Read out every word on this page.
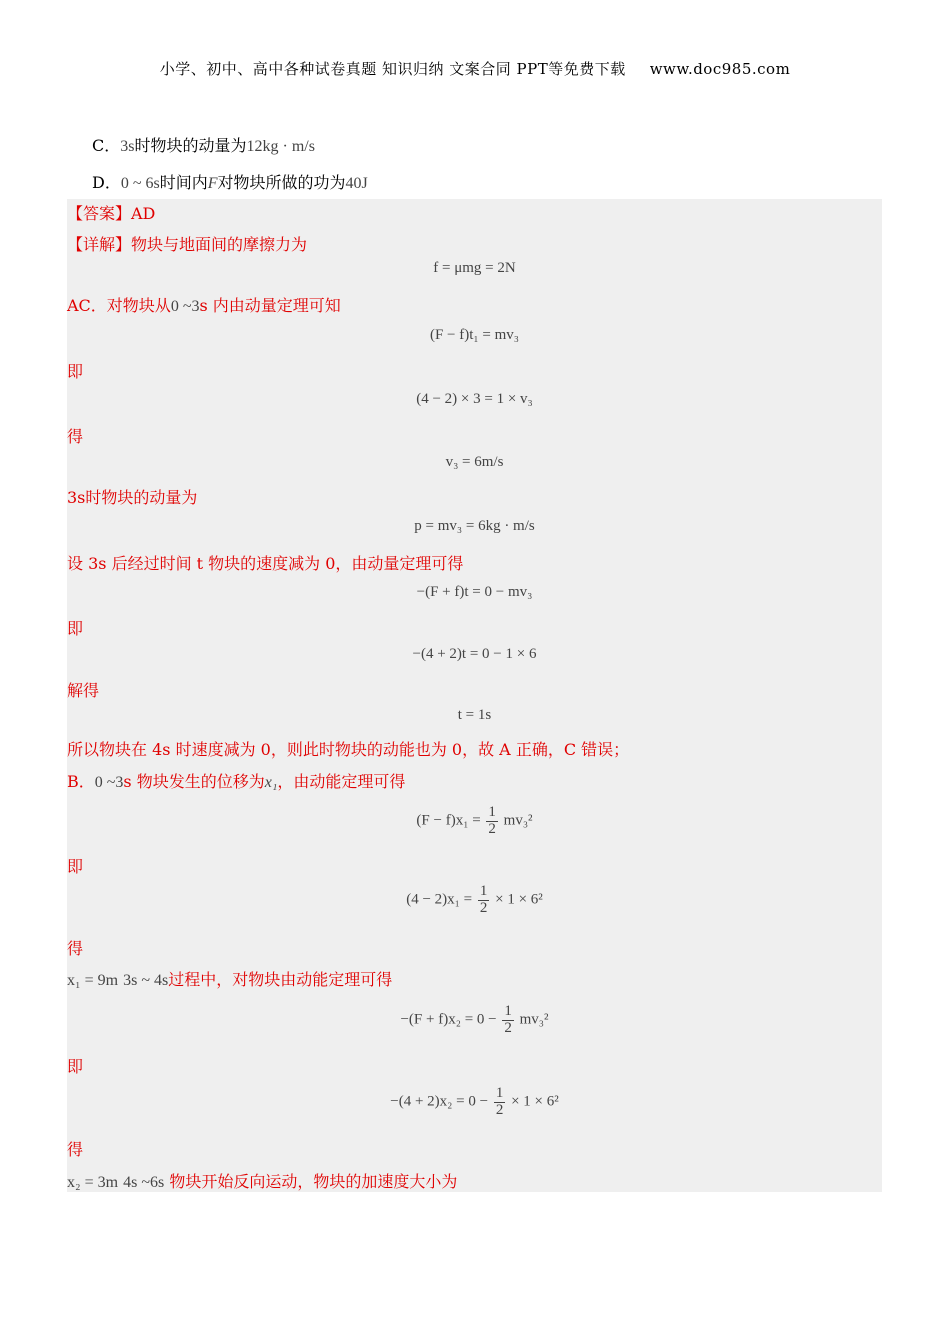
小学、初中、高中各种试卷真题 知识归纳 文案合同 PPT等免费下载 www.doc985.com
C．3s时物块的动量为12kg · m/s
D．0 ~ 6s时间内F对物块所做的功为40J
【答案】AD
【详解】物块与地面间的摩擦力为
f = μmg = 2N
AC．对物块从0 ~3s 内由动量定理可知
(F − f)t₁ = mv₃
即
(4 − 2) × 3 = 1 × v₃
得
v₃ = 6m/s
3s时物块的动量为
p = mv₃ = 6kg · m/s
设 3s 后经过时间 t 物块的速度减为 0，由动量定理可得
−(F + f)t = 0 − mv₃
即
−(4 + 2)t = 0 − 1 × 6
解得
t = 1s
所以物块在 4s 时速度减为 0，则此时物块的动能也为 0，故 A 正确，C 错误；
B．0 ~3s 物块发生的位移为x₁，由动能定理可得
$(F - f)x_1 = \frac{1}{2} mv_3^2$
即
$(4 - 2)x_1 = \frac{1}{2} \times 1 \times 6^2$
得
x₁ = 9m 3s ~ 4s过程中，对物块由动能定理可得
$-(F + f)x_2 = 0 - \frac{1}{2} mv_3^2$
即
$-(4 + 2)x_2 = 0 - \frac{1}{2} \times 1 \times 6^2$
得
x₂ = 3m 4s ~6s 物块开始反向运动，物块的加速度大小为
